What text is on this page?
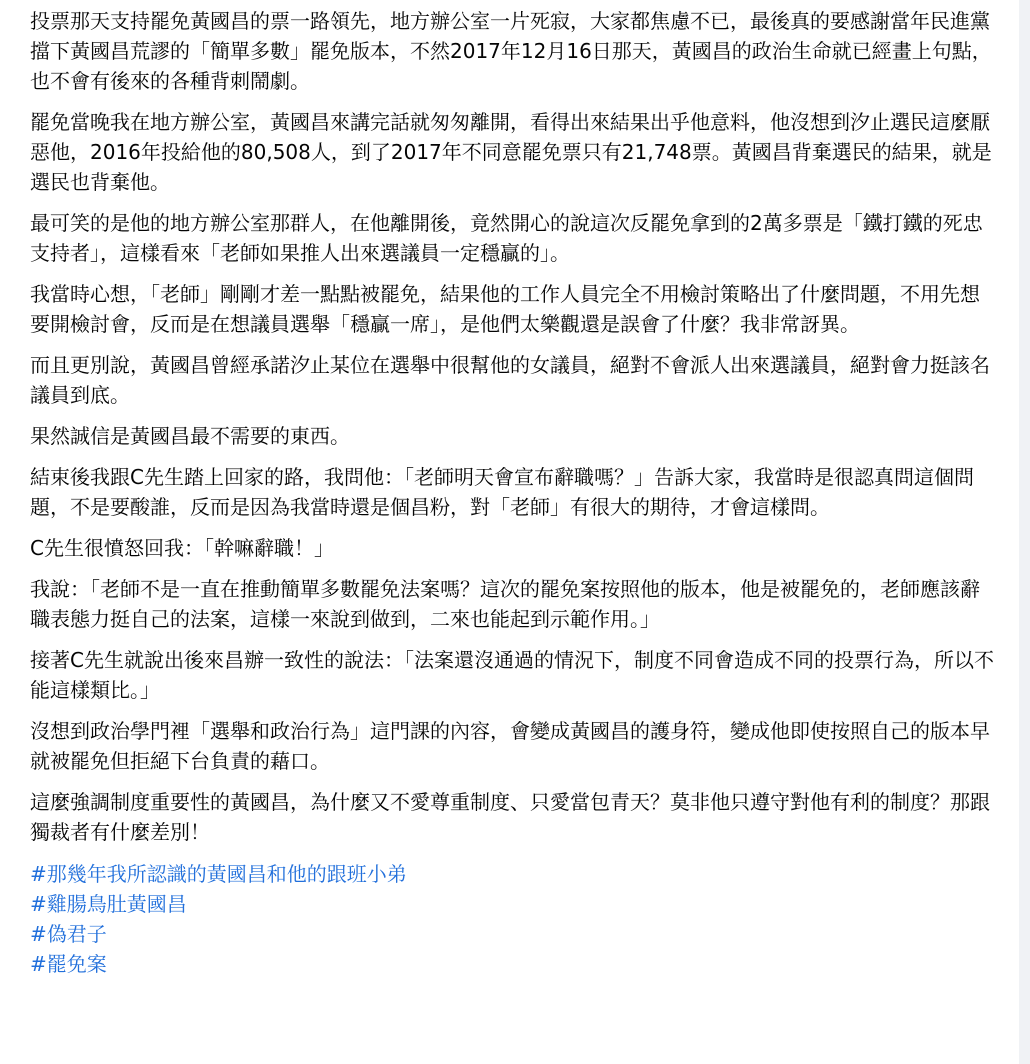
投票那天支持罷免黃國昌的票一路領先，地方辦公室一片死寂，大家都焦慮不已，最後真的要感謝當年民進黨擋下黃國昌荒謬的「簡單多數」罷免版本，不然2017年12月16日那天，黃國昌的政治生命就已經畫上句點，也不會有後來的各種背刺鬧劇。

罷免當晚我在地方辦公室，黃國昌來講完話就匆匆離開，看得出來結果出乎他意料，他沒想到汐止選民這麼厭惡他，2016年投給他的80,508人，到了2017年不同意罷免票只有21,748票。黃國昌背棄選民的結果，就是選民也背棄他。

最可笑的是他的地方辦公室那群人，在他離開後，竟然開心的說這次反罷免拿到的2萬多票是「鐵打鐵的死忠支持者」，這樣看來「老師如果推人出來選議員一定穩贏的」。

我當時心想，「老師」剛剛才差一點點被罷免，結果他的工作人員完全不用檢討策略出了什麼問題，不用先想要開檢討會，反而是在想議員選舉「穩贏一席」，是他們太樂觀還是誤會了什麼？我非常訝異。

而且更別說，黃國昌曾經承諾汐止某位在選舉中很幫他的女議員，絕對不會派人出來選議員，絕對會力挺該名議員到底。

果然誠信是黃國昌最不需要的東西。

結束後我跟C先生踏上回家的路，我問他：「老師明天會宣布辭職嗎？」告訴大家，我當時是很認真問這個問題，不是要酸誰，反而是因為我當時還是個昌粉，對「老師」有很大的期待，才會這樣問。

C先生很憤怒回我：「幹嘛辭職！」

我說：「老師不是一直在推動簡單多數罷免法案嗎？這次的罷免案按照他的版本，他是被罷免的，老師應該辭職表態力挺自己的法案，這樣一來說到做到，二來也能起到示範作用。」

接著C先生就說出後來昌辦一致性的說法：「法案還沒通過的情況下，制度不同會造成不同的投票行為，所以不能這樣類比。」

沒想到政治學門裡「選舉和政治行為」這門課的內容，會變成黃國昌的護身符，變成他即使按照自己的版本早就被罷免但拒絕下台負責的藉口。

這麼強調制度重要性的黃國昌，為什麼又不愛尊重制度、只愛當包青天？莫非他只遵守對他有利的制度？那跟獨裁者有什麼差別！

#那幾年我所認識的黃國昌和他的跟班小弟
#雞腸鳥肚黃國昌
#偽君子
#罷免案
